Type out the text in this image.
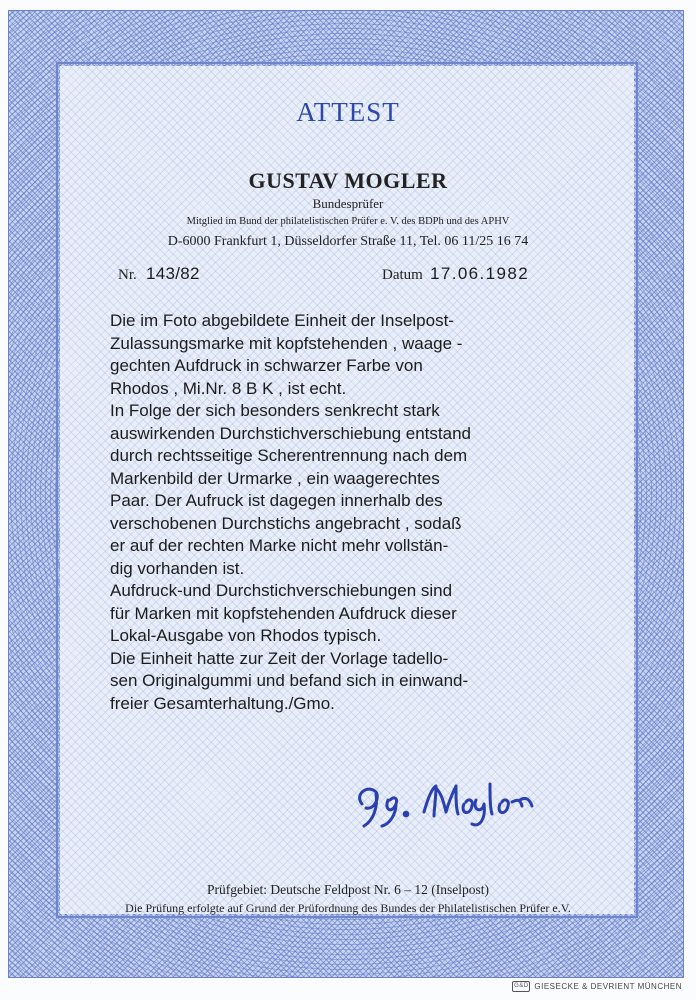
ATTEST
GUSTAV MOGLER
Bundesprüfer
Mitglied im Bund der philatelistischen Prüfer e. V. des BDPh und des APHV
D-6000 Frankfurt 1, Düsseldorfer Straße 11, Tel. 06 11/25 16 74
Nr. 143/82	Datum 17.06.1982
Die im Foto abgebildete Einheit der Inselpost-
Zulassungsmarke mit kopfstehenden , waage -
gechten Aufdruck in schwarzer Farbe von
Rhodos , Mi.Nr. 8 B K , ist echt.
In Folge der sich besonders senkrecht stark
auswirkenden Durchstichverschiebung entstand
durch rechtsseitige Scherentrennung nach dem
Markenbild der Urmarke , ein waagerechtes
Paar. Der Aufruck ist dagegen innerhalb des
verschobenen Durchstichs angebracht , sodaß
er auf der rechten Marke nicht mehr vollstän-
dig vorhanden ist.
Aufdruck-und Durchstichverschiebungen sind
für Marken mit kopfstehenden Aufdruck dieser
Lokal-Ausgabe von Rhodos typisch.
Die Einheit hatte zur Zeit der Vorlage tadello-
sen Originalgummi und befand sich in einwand-
freier Gesamterhaltung./Gmo.
Prüfgebiet: Deutsche Feldpost Nr. 6 – 12 (Inselpost)
Die Prüfung erfolgte auf Grund der Prüfordnung des Bundes der Philatelistischen Prüfer e.V.
G&D GIESECKE & DEVRIENT MÜNCHEN
